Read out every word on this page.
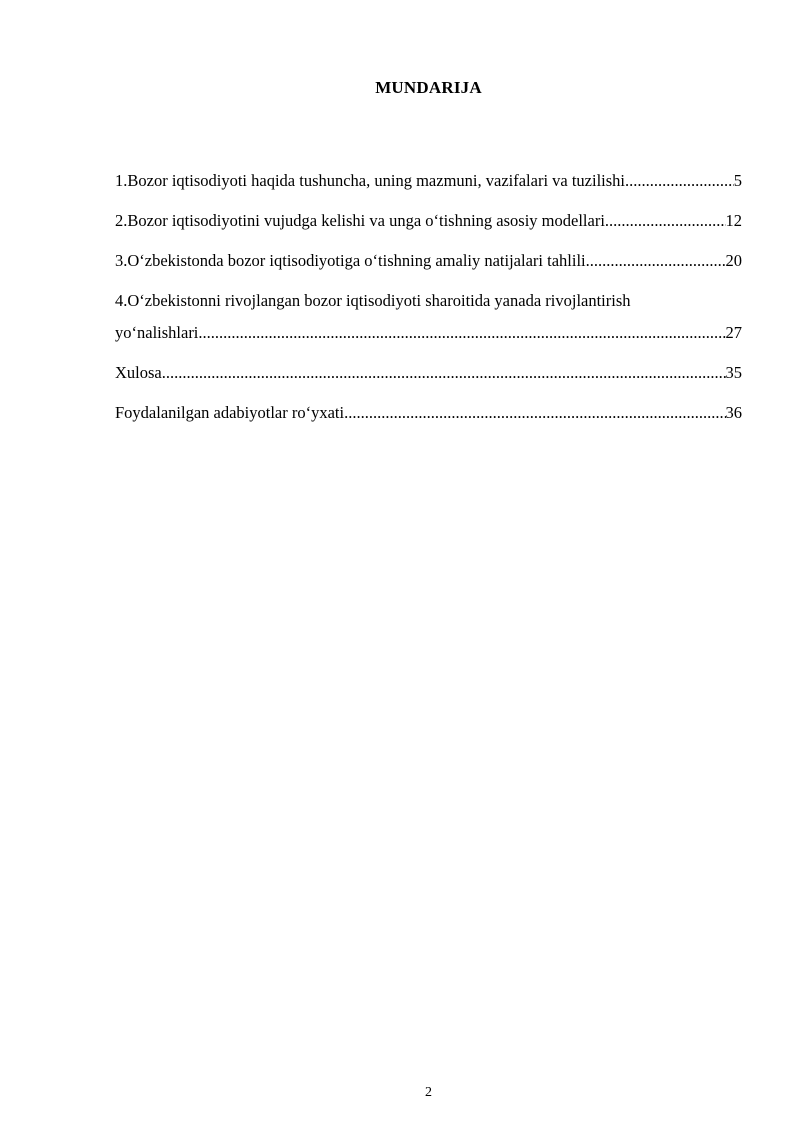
MUNDARIJA
1.Bozor iqtisodiyoti haqida tushuncha, uning mazmuni, vazifalari va tuzilishi .....	5
2.Bozor iqtisodiyotini vujudga kelishi va unga o‘tishning asosiy modellari .....	12
3.O‘zbekistonda bozor iqtisodiyotiga o‘tishning amaliy natijalari tahlili .....	20
4.O‘zbekistonni rivojlangan bozor iqtisodiyoti sharoitida yanada rivojlantirish
yo‘nalishlari .....	27
Xulosa .....	35
Foydalanilgan adabiyotlar ro‘yxati .....	36
2
